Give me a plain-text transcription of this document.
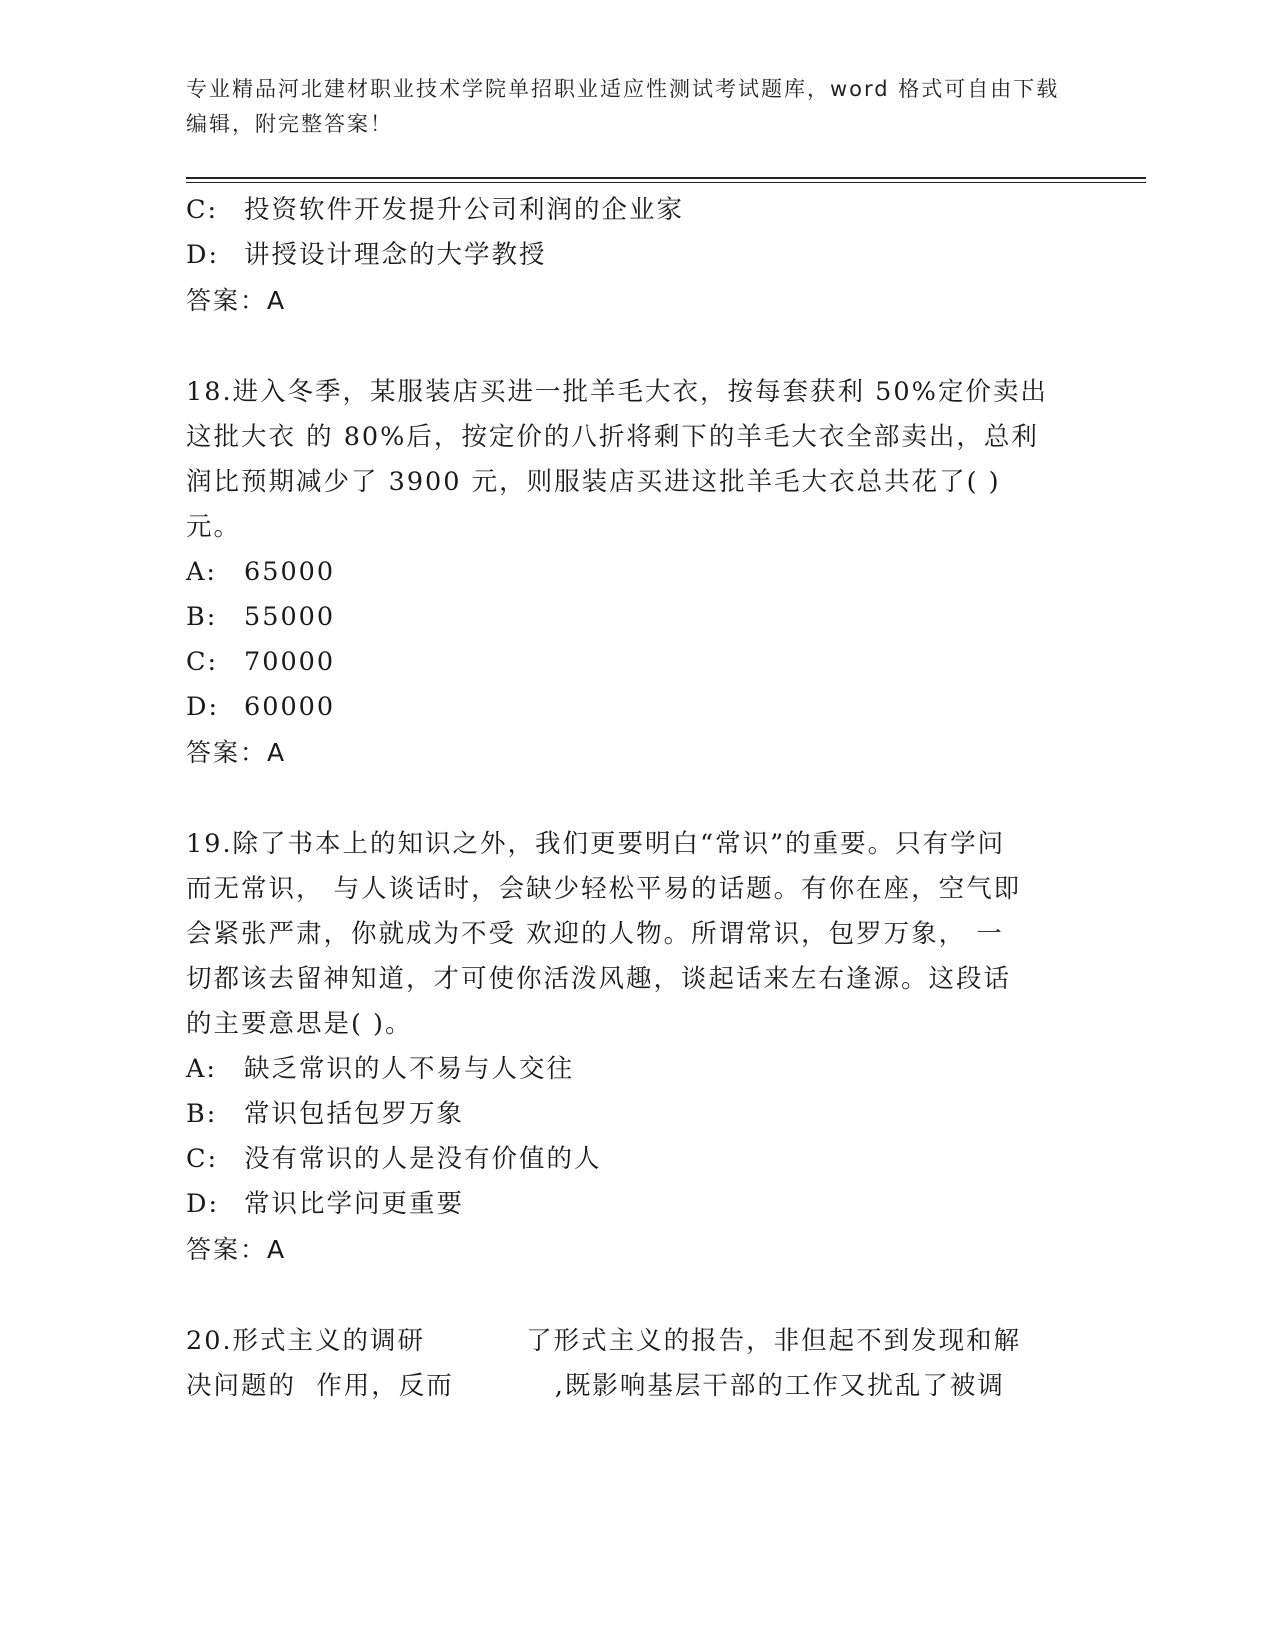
专业精品河北建材职业技术学院单招职业适应性测试考试题库，word 格式可自由下载编辑，附完整答案！
C: 投资软件开发提升公司利润的企业家
D: 讲授设计理念的大学教授
答案：A
18.进入冬季，某服装店买进一批羊毛大衣，按每套获利 50%定价卖出
这批大衣 的 80%后，按定价的八折将剩下的羊毛大衣全部卖出，总利
润比预期减少了 3900 元，则服装店买进这批羊毛大衣总共花了( )
元。
A: 65000
B: 55000
C: 70000
D: 60000
答案：A
19.除了书本上的知识之外，我们更要明白“常识”的重要。只有学问
而无常识， 与人谈话时，会缺少轻松平易的话题。有你在座，空气即
会紧张严肃，你就成为不受 欢迎的人物。所谓常识，包罗万象， 一
切都该去留神知道，才可使你活泼风趣，谈起话来左右逢源。这段话
的主要意思是( )。
A: 缺乏常识的人不易与人交往
B: 常识包括包罗万象
C: 没有常识的人是没有价值的人
D: 常识比学问更重要
答案：A
20.形式主义的调研          了形式主义的报告，非但起不到发现和解
决问题的  作用，反而          ,既影响基层干部的工作又扰乱了被调
